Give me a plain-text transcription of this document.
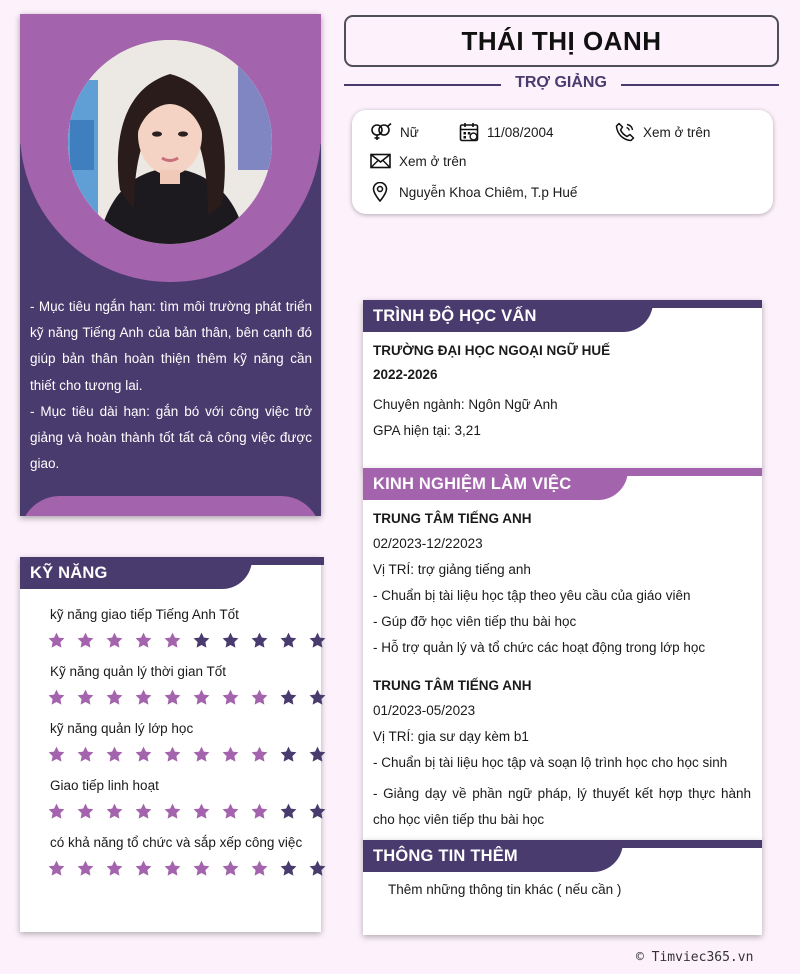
- Mục tiêu ngắn hạn: tìm môi trường phát triển kỹ năng Tiếng Anh của bản thân, bên cạnh đó giúp bản thân hoàn thiện thêm kỹ năng cần thiết cho tương lai.

- Mục tiêu dài hạn: gắn bó với công việc trở giảng và hoàn thành tốt tất cả công việc được giao.

THÁI THỊ OANH
TRỢ GIẢNG
Nữ	11/08/2004	Xem ở trên
Xem ở trên
Nguyễn Khoa Chiêm, T.p Huế
KỸ NĂNG
kỹ năng giao tiếp Tiếng Anh Tốt
Kỹ năng quản lý thời gian Tốt
kỹ năng quản lý lớp học
Giao tiếp linh hoạt
có khả năng tổ chức và sắp xếp công việc
TRÌNH ĐỘ HỌC VẤN
TRƯỜNG ĐẠI HỌC NGOẠI NGỮ HUẾ
2022-2026
Chuyên ngành: Ngôn Ngữ Anh
GPA hiện tại: 3,21
KINH NGHIỆM LÀM VIỆC
TRUNG TÂM TIẾNG ANH
02/2023-12/22023
Vị TRÍ: trợ giảng tiếng anh
- Chuẩn bị tài liệu học tập theo yêu cầu của giáo viên
- Gúp đỡ học viên tiếp thu bài học
- Hỗ trợ quản lý và tổ chức các hoạt động trong lớp học
TRUNG TÂM TIẾNG ANH
01/2023-05/2023
Vị TRÍ: gia sư dạy kèm b1
- Chuẩn bị tài liệu học tập và soạn lộ trình học cho học sinh
- Giảng dạy về phần ngữ pháp, lý thuyết kết hợp thực hành cho học viên tiếp thu bài học
THÔNG TIN THÊM
Thêm những thông tin khác ( nếu cần )
© Timviec365.vn
